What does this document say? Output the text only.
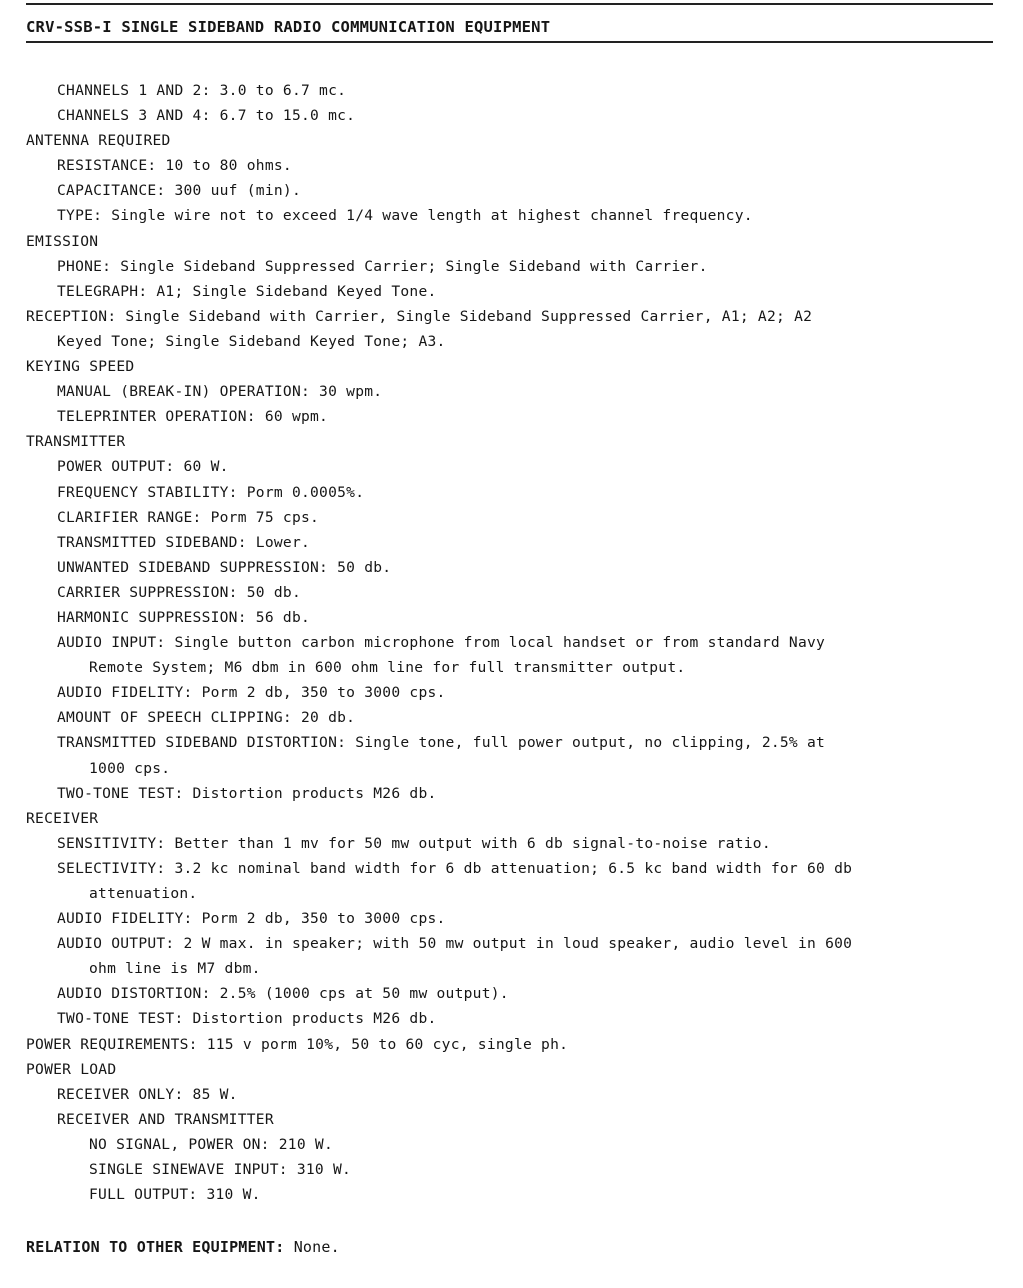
CRV-SSB-I SINGLE SIDEBAND RADIO COMMUNICATION EQUIPMENT
CHANNELS 1 AND 2: 3.0 to 6.7 mc.
CHANNELS 3 AND 4: 6.7 to 15.0 mc.
ANTENNA REQUIRED
RESISTANCE: 10 to 80 ohms.
CAPACITANCE: 300 uuf (min).
TYPE: Single wire not to exceed 1/4 wave length at highest channel frequency.
EMISSION
PHONE: Single Sideband Suppressed Carrier; Single Sideband with Carrier.
TELEGRAPH: A1; Single Sideband Keyed Tone.
RECEPTION: Single Sideband with Carrier, Single Sideband Suppressed Carrier, A1; A2; A2
Keyed Tone; Single Sideband Keyed Tone; A3.
KEYING SPEED
MANUAL (BREAK-IN) OPERATION: 30 wpm.
TELEPRINTER OPERATION: 60 wpm.
TRANSMITTER
POWER OUTPUT: 60 W.
FREQUENCY STABILITY: Porm 0.0005%.
CLARIFIER RANGE: Porm 75 cps.
TRANSMITTED SIDEBAND: Lower.
UNWANTED SIDEBAND SUPPRESSION: 50 db.
CARRIER SUPPRESSION: 50 db.
HARMONIC SUPPRESSION: 56 db.
AUDIO INPUT: Single button carbon microphone from local handset or from standard Navy
Remote System; M6 dbm in 600 ohm line for full transmitter output.
AUDIO FIDELITY: Porm 2 db, 350 to 3000 cps.
AMOUNT OF SPEECH CLIPPING: 20 db.
TRANSMITTED SIDEBAND DISTORTION: Single tone, full power output, no clipping, 2.5% at
1000 cps.
TWO-TONE TEST: Distortion products M26 db.
RECEIVER
SENSITIVITY: Better than 1 mv for 50 mw output with 6 db signal-to-noise ratio.
SELECTIVITY: 3.2 kc nominal band width for 6 db attenuation; 6.5 kc band width for 60 db
attenuation.
AUDIO FIDELITY: Porm 2 db, 350 to 3000 cps.
AUDIO OUTPUT: 2 W max. in speaker; with 50 mw output in loud speaker, audio level in 600
ohm line is M7 dbm.
AUDIO DISTORTION: 2.5% (1000 cps at 50 mw output).
TWO-TONE TEST: Distortion products M26 db.
POWER REQUIREMENTS: 115 v porm 10%, 50 to 60 cyc, single ph.
POWER LOAD
RECEIVER ONLY: 85 W.
RECEIVER AND TRANSMITTER
NO SIGNAL, POWER ON: 210 W.
SINGLE SINEWAVE INPUT: 310 W.
FULL OUTPUT: 310 W.
RELATION TO OTHER EQUIPMENT: None.
